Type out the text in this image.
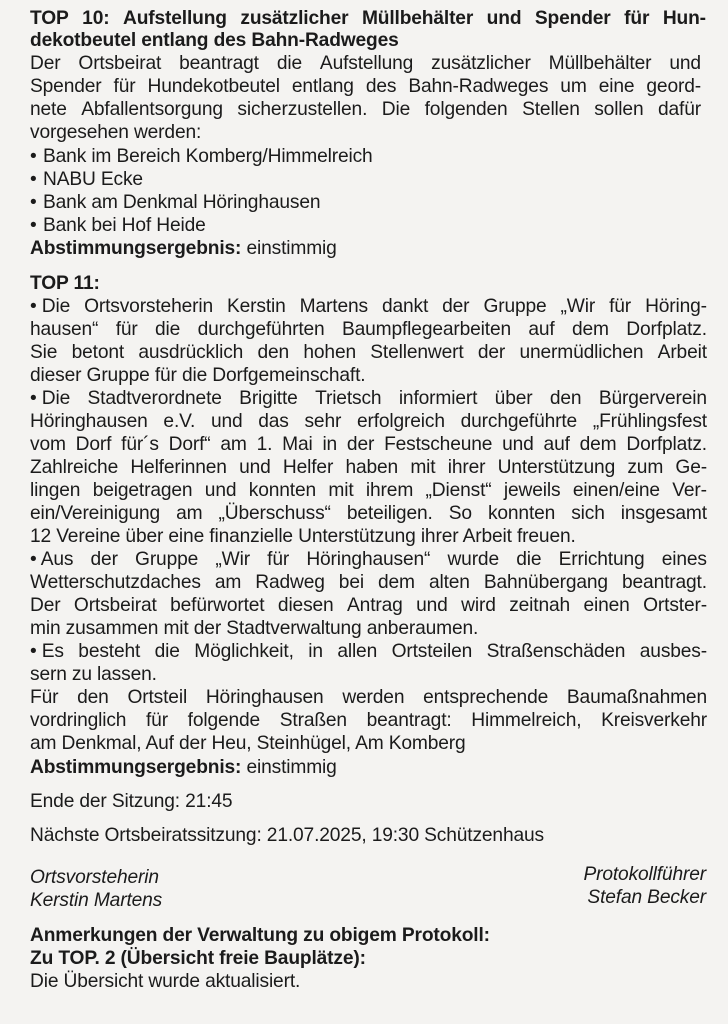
TOP 10: Aufstellung zusätzlicher Müllbehälter und Spender für Hun-
dekotbeutel entlang des Bahn-Radweges
Der Ortsbeirat beantragt die Aufstellung zusätzlicher Müllbehälter und
Spender für Hundekotbeutel entlang des Bahn-Radweges um eine geord-
nete Abfallentsorgung sicherzustellen. Die folgenden Stellen sollen dafür
vorgesehen werden:
• Bank im Bereich Komberg/Himmelreich
• NABU Ecke
• Bank am Denkmal Höringhausen
• Bank bei Hof Heide
Abstimmungsergebnis: einstimmig
TOP 11:
• Die Ortsvorsteherin Kerstin Martens dankt der Gruppe „Wir für Höring-
hausen“ für die durchgeführten Baumpflegearbeiten auf dem Dorfplatz.
Sie betont ausdrücklich den hohen Stellenwert der unermüdlichen Arbeit
dieser Gruppe für die Dorfgemeinschaft.
• Die Stadtverordnete Brigitte Trietsch informiert über den Bürgerverein
Höringhausen e.V. und das sehr erfolgreich durchgeführte „Frühlingsfest
vom Dorf für´s Dorf“ am 1. Mai in der Festscheune und auf dem Dorfplatz.
Zahlreiche Helferinnen und Helfer haben mit ihrer Unterstützung zum Ge-
lingen beigetragen und konnten mit ihrem „Dienst“ jeweils einen/eine Ver-
ein/Vereinigung am „Überschuss“ beteiligen. So konnten sich insgesamt
12 Vereine über eine finanzielle Unterstützung ihrer Arbeit freuen.
• Aus der Gruppe „Wir für Höringhausen“ wurde die Errichtung eines
Wetterschutzdaches am Radweg bei dem alten Bahnübergang beantragt.
Der Ortsbeirat befürwortet diesen Antrag und wird zeitnah einen Ortster-
min zusammen mit der Stadtverwaltung anberaumen.
• Es besteht die Möglichkeit, in allen Ortsteilen Straßenschäden ausbes-
sern zu lassen.
Für den Ortsteil Höringhausen werden entsprechende Baumaßnahmen
vordringlich für folgende Straßen beantragt: Himmelreich, Kreisverkehr
am Denkmal, Auf der Heu, Steinhügel, Am Komberg
Abstimmungsergebnis: einstimmig
Ende der Sitzung: 21:45
Nächste Ortsbeiratssitzung: 21.07.2025, 19:30 Schützenhaus
Ortsvorsteherin
Kerstin Martens
Protokollführer
Stefan Becker
Anmerkungen der Verwaltung zu obigem Protokoll:
Zu TOP. 2 (Übersicht freie Bauplätze):
Die Übersicht wurde aktualisiert.
